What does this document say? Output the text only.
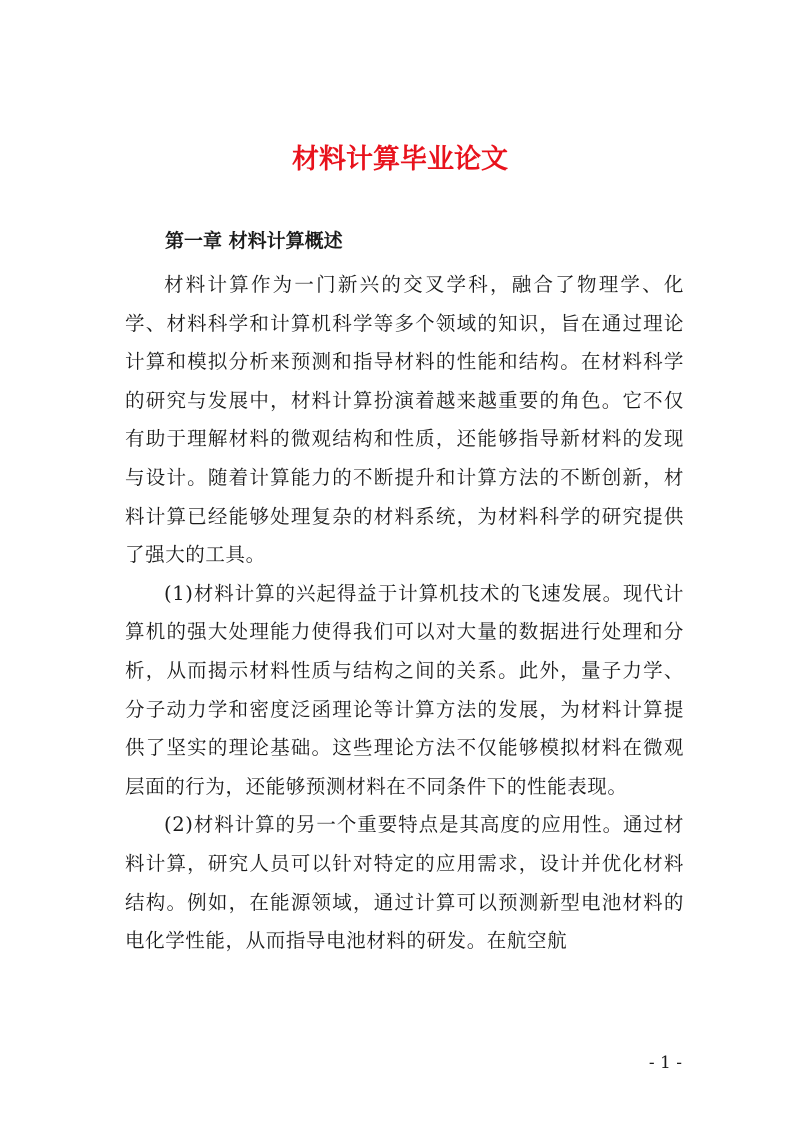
材料计算毕业论文
第一章 材料计算概述

材料计算作为一门新兴的交叉学科，融合了物理学、化学、材料科学和计算机科学等多个领域的知识，旨在通过理论计算和模拟分析来预测和指导材料的性能和结构。在材料科学的研究与发展中，材料计算扮演着越来越重要的角色。它不仅有助于理解材料的微观结构和性质，还能够指导新材料的发现与设计。随着计算能力的不断提升和计算方法的不断创新，材料计算已经能够处理复杂的材料系统，为材料科学的研究提供了强大的工具。

(1)材料计算的兴起得益于计算机技术的飞速发展。现代计算机的强大处理能力使得我们可以对大量的数据进行处理和分析，从而揭示材料性质与结构之间的关系。此外，量子力学、分子动力学和密度泛函理论等计算方法的发展，为材料计算提供了坚实的理论基础。这些理论方法不仅能够模拟材料在微观层面的行为，还能够预测材料在不同条件下的性能表现。

(2)材料计算的另一个重要特点是其高度的应用性。通过材料计算，研究人员可以针对特定的应用需求，设计并优化材料结构。例如，在能源领域，通过计算可以预测新型电池材料的电化学性能，从而指导电池材料的研发。在航空航

- 1 -
